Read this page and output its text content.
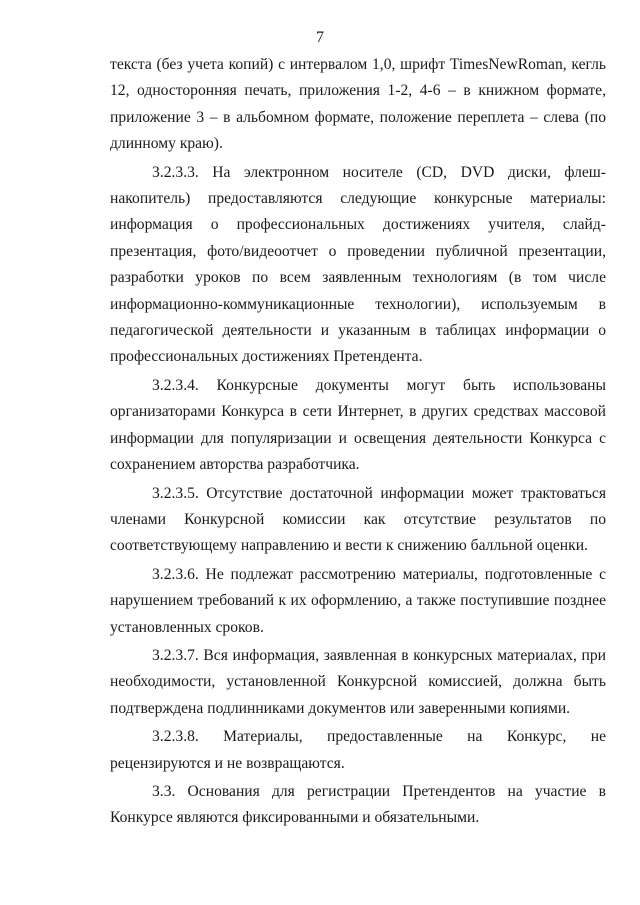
7

текста (без учета копий) с интервалом 1,0, шрифт TimesNewRoman, кегль 12, односторонняя печать, приложения 1-2, 4-6 – в книжном формате, приложение 3 – в альбомном формате, положение переплета – слева (по длинному краю).

3.2.3.3. На электронном носителе (CD, DVD диски, флеш-накопитель) предоставляются следующие конкурсные материалы: информация о профессиональных достижениях учителя, слайд-презентация, фото/видеоотчет о проведении публичной презентации, разработки уроков по всем заявленным технологиям (в том числе информационно-коммуникационные технологии), используемым в педагогической деятельности и указанным в таблицах информации о профессиональных достижениях Претендента.

3.2.3.4. Конкурсные документы могут быть использованы организаторами Конкурса в сети Интернет, в других средствах массовой информации для популяризации и освещения деятельности Конкурса с сохранением авторства разработчика.

3.2.3.5. Отсутствие достаточной информации может трактоваться членами Конкурсной комиссии как отсутствие результатов по соответствующему направлению и вести к снижению балльной оценки.

3.2.3.6. Не подлежат рассмотрению материалы, подготовленные с нарушением требований к их оформлению, а также поступившие позднее установленных сроков.

3.2.3.7. Вся информация, заявленная в конкурсных материалах, при необходимости, установленной Конкурсной комиссией, должна быть подтверждена подлинниками документов или заверенными копиями.

3.2.3.8. Материалы, предоставленные на Конкурс, не рецензируются и не возвращаются.

3.3. Основания для регистрации Претендентов на участие в Конкурсе являются фиксированными и обязательными.
